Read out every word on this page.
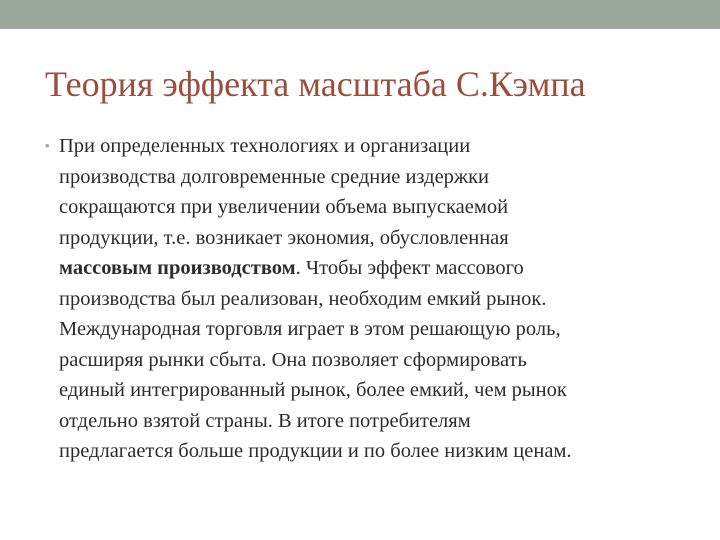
Теория эффекта масштаба С.Кэмпа
• При определенных технологиях и организации
производства долговременные средние издержки
сокращаются при увеличении объема выпускаемой
продукции, т.е. возникает экономия, обусловленная
массовым производством. Чтобы эффект массового
производства был реализован, необходим емкий рынок.
Международная торговля играет в этом решающую роль,
расширяя рынки сбыта. Она позволяет сформировать
единый интегрированный рынок, более емкий, чем рынок
отдельно взятой страны. В итоге потребителям
предлагается больше продукции и по более низким ценам.
